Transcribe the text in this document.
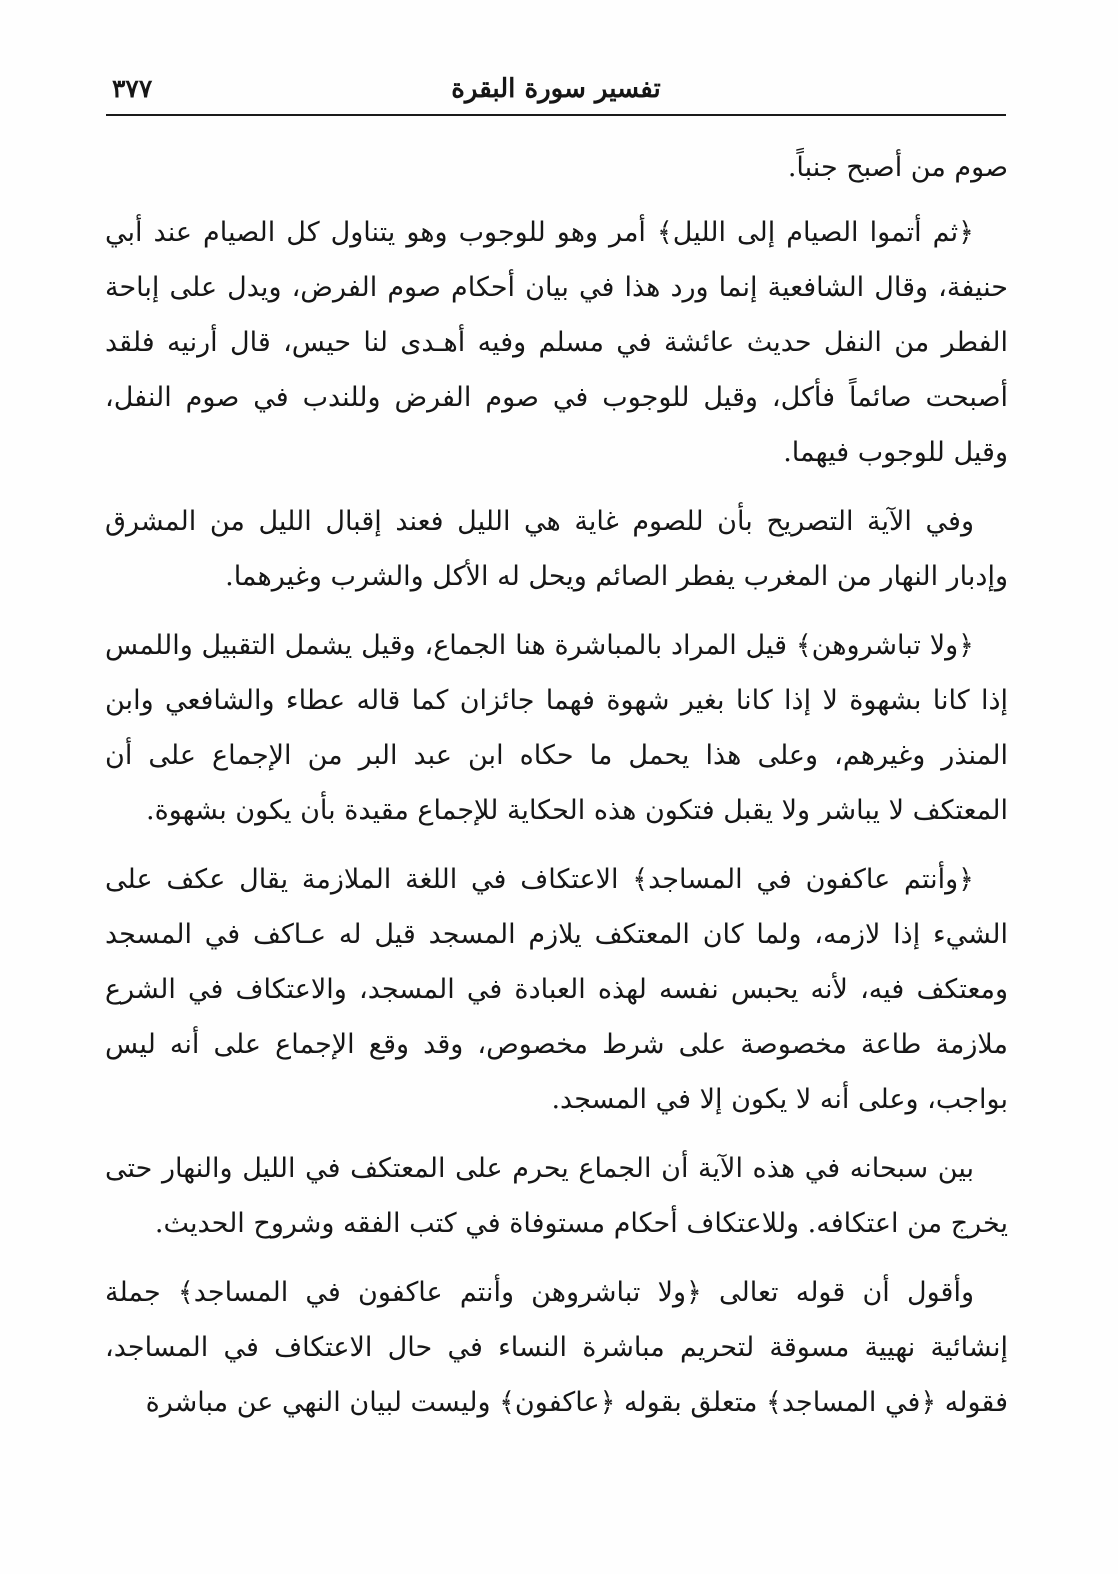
٣٧٧	تفسير سورة البقرة

صوم من أصبح جنباً.

﴿ثم أتموا الصيام إلى الليل﴾ أمر وهو للوجوب وهو يتناول كل الصيام عند أبي حنيفة، وقال الشافعية إنما ورد هذا في بيان أحكام صوم الفرض، ويدل على إباحة الفطر من النفل حديث عائشة في مسلم وفيه أهـدى لنا حيس، قال أرنيه فلقد أصبحت صائماً فأكل، وقيل للوجوب في صوم الفرض وللندب في صوم النفل، وقيل للوجوب فيهما.

وفي الآية التصريح بأن للصوم غاية هي الليل فعند إقبال الليل من المشرق وإدبار النهار من المغرب يفطر الصائم ويحل له الأكل والشرب وغيرهما.

﴿ولا تباشروهن﴾ قيل المراد بالمباشرة هنا الجماع، وقيل يشمل التقبيل واللمس إذا كانا بشهوة لا إذا كانا بغير شهوة فهما جائزان كما قاله عطاء والشافعي وابن المنذر وغيرهم، وعلى هذا يحمل ما حكاه ابن عبد البر من الإجماع على أن المعتكف لا يباشر ولا يقبل فتكون هذه الحكاية للإجماع مقيدة بأن يكون بشهوة.

﴿وأنتم عاكفون في المساجد﴾ الاعتكاف في اللغة الملازمة يقال عكف على الشيء إذا لازمه، ولما كان المعتكف يلازم المسجد قيل له عـاكف في المسجد ومعتكف فيه، لأنه يحبس نفسه لهذه العبادة في المسجد، والاعتكاف في الشرع ملازمة طاعة مخصوصة على شرط مخصوص، وقد وقع الإجماع على أنه ليس بواجب، وعلى أنه لا يكون إلا في المسجد.

بين سبحانه في هذه الآية أن الجماع يحرم على المعتكف في الليل والنهار حتى يخرج من اعتكافه. وللاعتكاف أحكام مستوفاة في كتب الفقه وشروح الحديث.

وأقول أن قوله تعالى ﴿ولا تباشروهن وأنتم عاكفون في المساجد﴾ جملة إنشائية نهيية مسوقة لتحريم مباشرة النساء في حال الاعتكاف في المساجد، فقوله ﴿في المساجد﴾ متعلق بقوله ﴿عاكفون﴾ وليست لبيان النهي عن مباشرة
